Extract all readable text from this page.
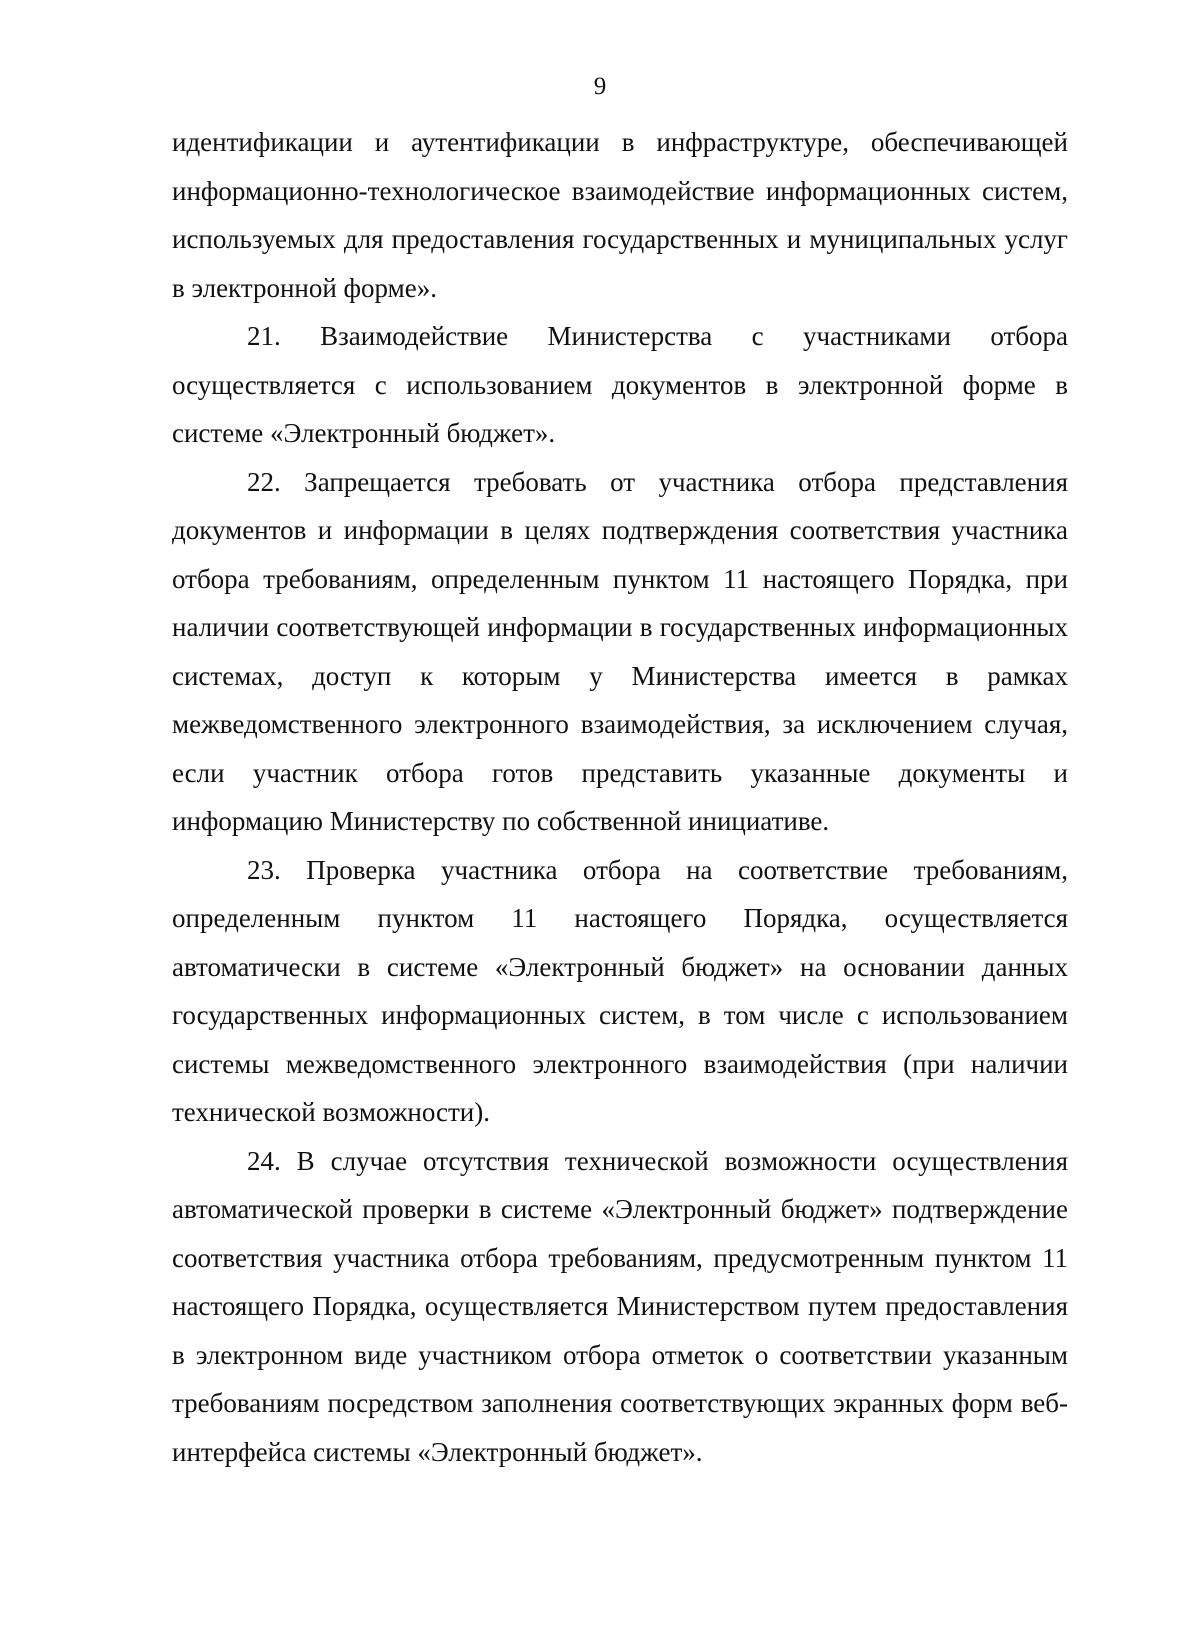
9

идентификации и аутентификации в инфраструктуре, обеспечивающей информационно-технологическое взаимодействие информационных систем, используемых для предоставления государственных и муниципальных услуг в электронной форме».

21. Взаимодействие Министерства с участниками отбора осуществляется с использованием документов в электронной форме в системе «Электронный бюджет».

22. Запрещается требовать от участника отбора представления документов и информации в целях подтверждения соответствия участника отбора требованиям, определенным пунктом 11 настоящего Порядка, при наличии соответствующей информации в государственных информационных системах, доступ к которым у Министерства имеется в рамках межведомственного электронного взаимодействия, за исключением случая, если участник отбора готов представить указанные документы и информацию Министерству по собственной инициативе.

23. Проверка участника отбора на соответствие требованиям, определенным пунктом 11 настоящего Порядка, осуществляется автоматически в системе «Электронный бюджет» на основании данных государственных информационных систем, в том числе с использованием системы межведомственного электронного взаимодействия (при наличии технической возможности).

24. В случае отсутствия технической возможности осуществления автоматической проверки в системе «Электронный бюджет» подтверждение соответствия участника отбора требованиям, предусмотренным пунктом 11 настоящего Порядка, осуществляется Министерством путем предоставления в электронном виде участником отбора отметок о соответствии указанным требованиям посредством заполнения соответствующих экранных форм веб-интерфейса системы «Электронный бюджет».
